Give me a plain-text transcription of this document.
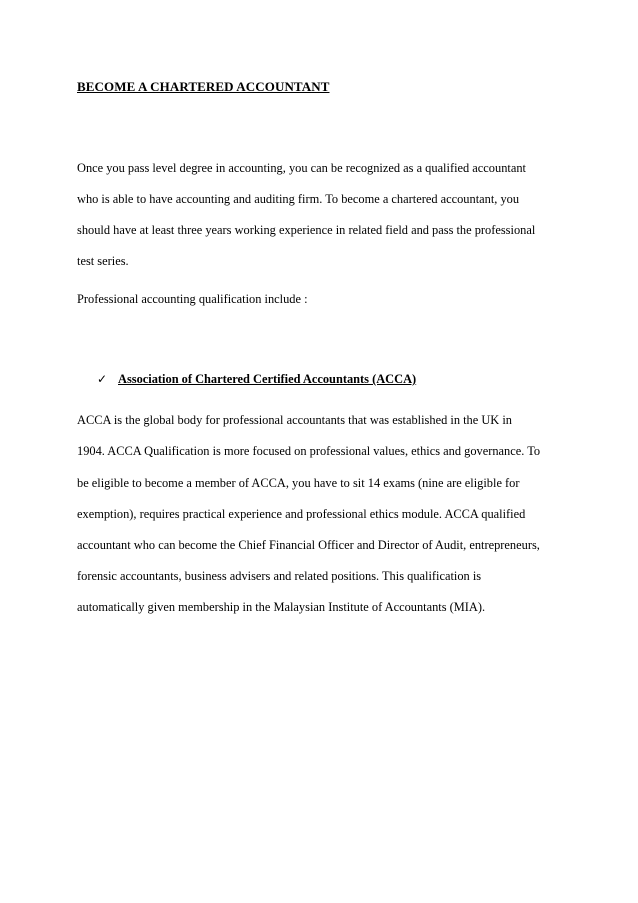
BECOME A CHARTERED ACCOUNTANT
Once you pass level degree in accounting, you can be recognized as a qualified accountant
who is able to have accounting and auditing firm. To become a chartered accountant, you
should have at least three years working experience in related field and pass the professional
test series.
Professional accounting qualification include :
✓ Association of Chartered Certified Accountants (ACCA)
ACCA is the global body for professional accountants that was established in the UK in
1904. ACCA Qualification is more focused on professional values, ethics and governance. To
be eligible to become a member of ACCA, you have to sit 14 exams (nine are eligible for
exemption), requires practical experience and professional ethics module. ACCA qualified
accountant who can become the Chief Financial Officer and Director of Audit, entrepreneurs,
forensic accountants, business advisers and related positions. This qualification is
automatically given membership in the Malaysian Institute of Accountants (MIA).
